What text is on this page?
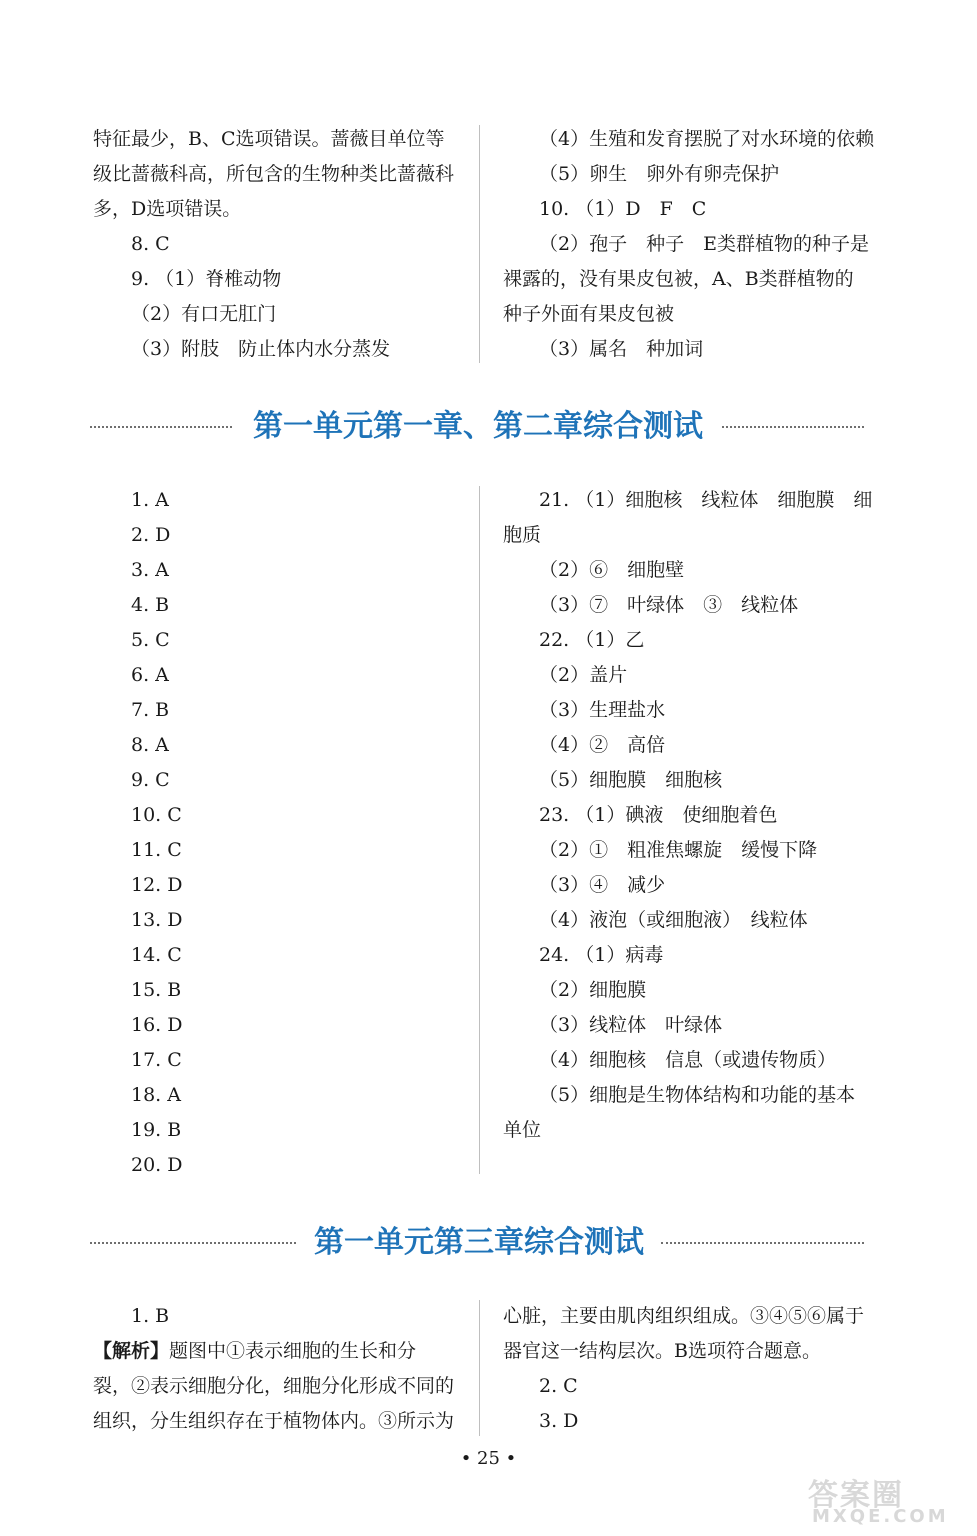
特征最少，B、C选项错误。蔷薇目单位等
级比蔷薇科高，所包含的生物种类比蔷薇科
多，D选项错误。
8. C
9. （1）脊椎动物
（2）有口无肛门
（3）附肢　防止体内水分蒸发
（4）生殖和发育摆脱了对水环境的依赖
（5）卵生　卵外有卵壳保护
10. （1）D　F　C
（2）孢子　种子　E类群植物的种子是
裸露的，没有果皮包被，A、B类群植物的
种子外面有果皮包被
（3）属名　种加词
第一单元第一章、第二章综合测试
1. A
2. D
3. A
4. B
5. C
6. A
7. B
8. A
9. C
10. C
11. C
12. D
13. D
14. C
15. B
16. D
17. C
18. A
19. B
20. D
21. （1）细胞核　线粒体　细胞膜　细
胞质
（2）⑥　细胞壁
（3）⑦　叶绿体　③　线粒体
22. （1）乙
（2）盖片
（3）生理盐水
（4）②　高倍
（5）细胞膜　细胞核
23. （1）碘液　使细胞着色
（2）①　粗准焦螺旋　缓慢下降
（3）④　减少
（4）液泡（或细胞液）　线粒体
24. （1）病毒
（2）细胞膜
（3）线粒体　叶绿体
（4）细胞核　信息（或遗传物质）
（5）细胞是生物体结构和功能的基本
单位
第一单元第三章综合测试
1. B
【解析】题图中①表示细胞的生长和分
裂，②表示细胞分化，细胞分化形成不同的
组织，分生组织存在于植物体内。③所示为
心脏，主要由肌肉组织组成。③④⑤⑥属于
器官这一结构层次。B选项符合题意。
2. C
3. D
• 25 •
答案圈
MXQE.COM
